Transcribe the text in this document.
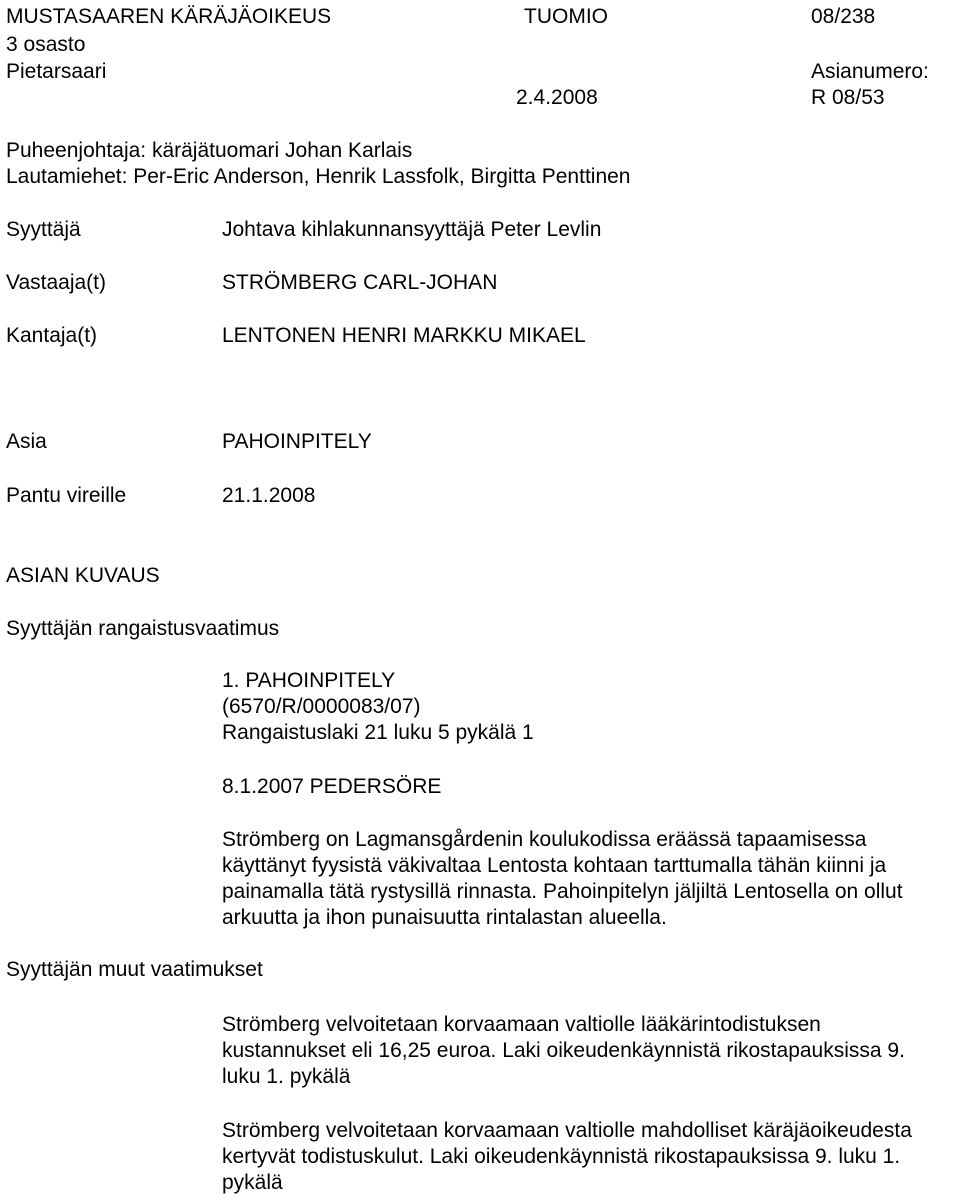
MUSTASAAREN KÄRÄJÄOIKEUS	TUOMIO	08/238
3 osasto
Pietarsaari	Asianumero:
2.4.2008	R 08/53
Puheenjohtaja: käräjätuomari Johan Karlais
Lautamiehet: Per-Eric Anderson, Henrik Lassfolk, Birgitta Penttinen
Syyttäjä	Johtava kihlakunnansyyttäjä Peter Levlin
Vastaaja(t)	STRÖMBERG CARL-JOHAN
Kantaja(t)	LENTONEN HENRI MARKKU MIKAEL
Asia	PAHOINPITELY
Pantu vireille	21.1.2008
ASIAN KUVAUS
Syyttäjän rangaistusvaatimus
1. PAHOINPITELY
(6570/R/0000083/07)
Rangaistuslaki 21 luku 5 pykälä 1
8.1.2007 PEDERSÖRE
Strömberg on Lagmansgårdenin koulukodissa eräässä tapaamisessa
käyttänyt fyysistä väkivaltaa Lentosta kohtaan tarttumalla tähän kiinni ja
painamalla tätä rystysillä rinnasta. Pahoinpitelyn jäljiltä Lentosella on ollut
arkuutta ja ihon punaisuutta rintalastan alueella.
Syyttäjän muut vaatimukset
Strömberg velvoitetaan korvaamaan valtiolle lääkärintodistuksen
kustannukset eli 16,25 euroa. Laki oikeudenkäynnistä rikostapauksissa 9.
luku 1. pykälä
Strömberg velvoitetaan korvaamaan valtiolle mahdolliset käräjäoikeudesta
kertyvät todistuskulut. Laki oikeudenkäynnistä rikostapauksissa 9. luku 1.
pykälä
